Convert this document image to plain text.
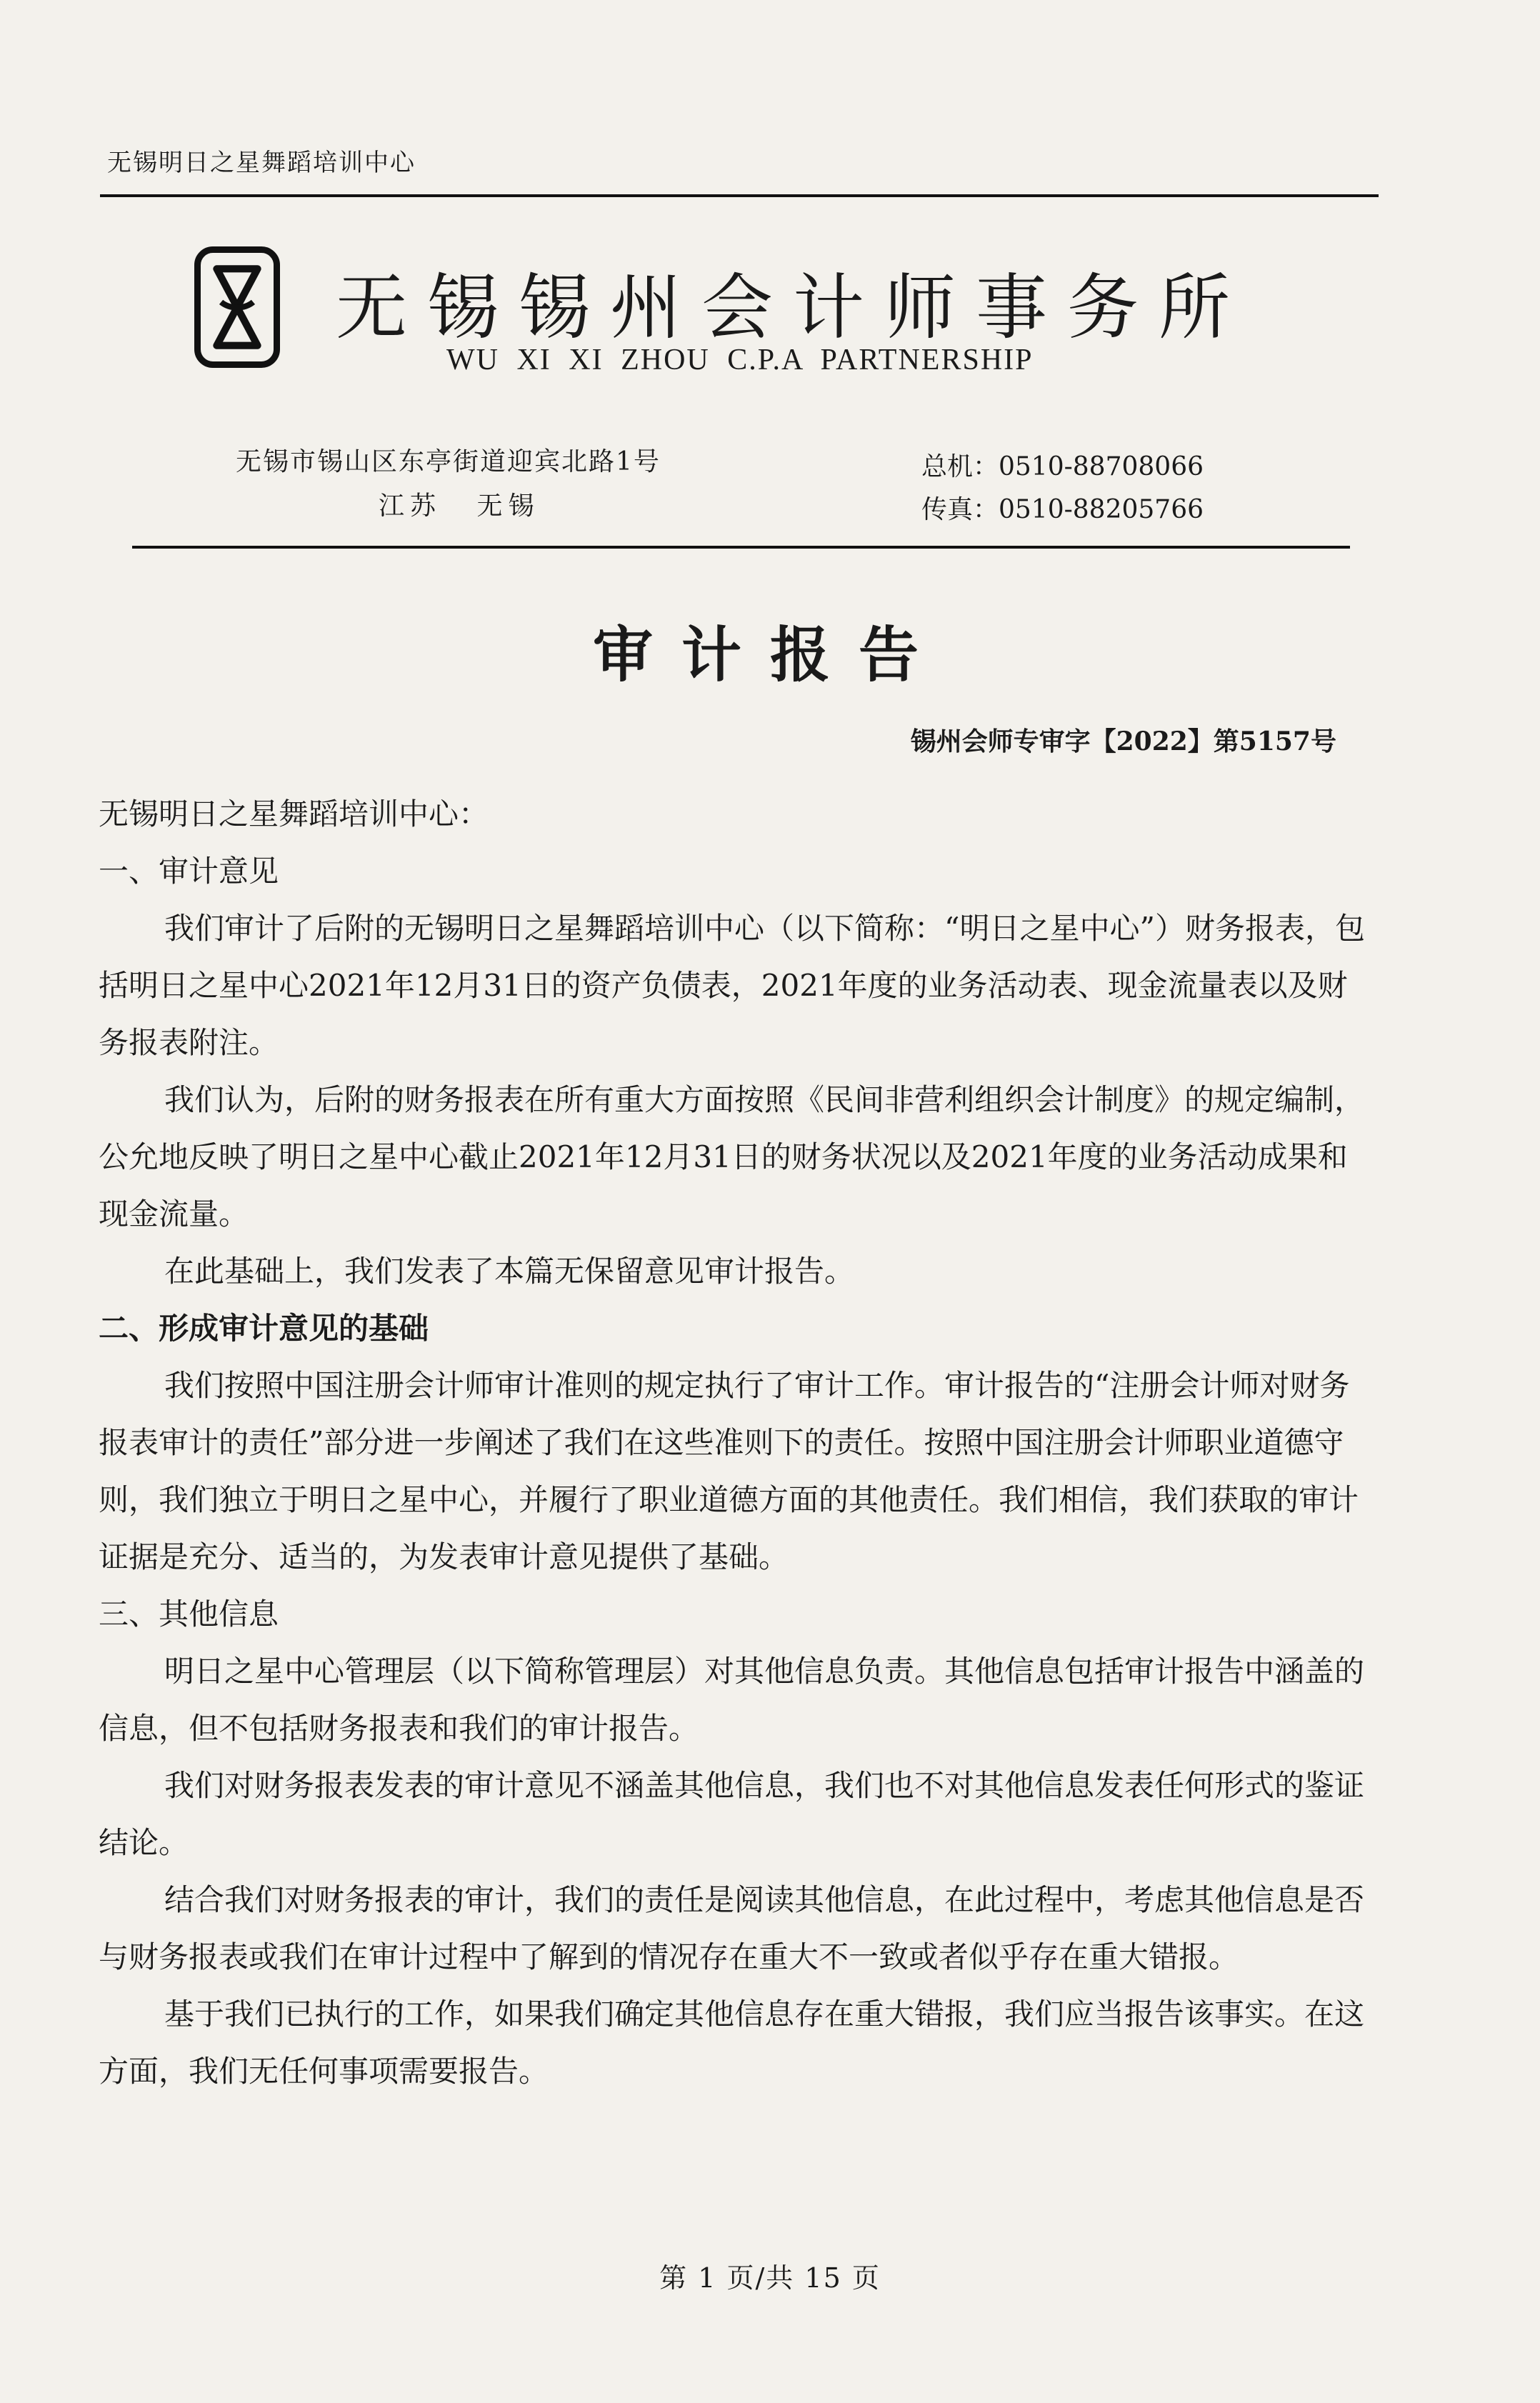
无锡明日之星舞蹈培训中心
无锡锡州会计师事务所
WU XI XI ZHOU C.P.A PARTNERSHIP
无锡市锡山区东亭街道迎宾北路1号
江苏 无锡
总机：0510-88708066
传真：0510-88205766
审计报告
锡州会师专审字【2022】第5157号

无锡明日之星舞蹈培训中心：

一、审计意见

我们审计了后附的无锡明日之星舞蹈培训中心（以下简称：“明日之星中心”）财务报表，包括明日之星中心2021年12月31日的资产负债表，2021年度的业务活动表、现金流量表以及财务报表附注。

我们认为，后附的财务报表在所有重大方面按照《民间非营利组织会计制度》的规定编制，公允地反映了明日之星中心截止2021年12月31日的财务状况以及2021年度的业务活动成果和现金流量。

在此基础上，我们发表了本篇无保留意见审计报告。

二、形成审计意见的基础

我们按照中国注册会计师审计准则的规定执行了审计工作。审计报告的“注册会计师对财务报表审计的责任”部分进一步阐述了我们在这些准则下的责任。按照中国注册会计师职业道德守则，我们独立于明日之星中心，并履行了职业道德方面的其他责任。我们相信，我们获取的审计证据是充分、适当的，为发表审计意见提供了基础。

三、其他信息

明日之星中心管理层（以下简称管理层）对其他信息负责。其他信息包括审计报告中涵盖的信息，但不包括财务报表和我们的审计报告。

我们对财务报表发表的审计意见不涵盖其他信息，我们也不对其他信息发表任何形式的鉴证结论。

结合我们对财务报表的审计，我们的责任是阅读其他信息，在此过程中，考虑其他信息是否与财务报表或我们在审计过程中了解到的情况存在重大不一致或者似乎存在重大错报。

基于我们已执行的工作，如果我们确定其他信息存在重大错报，我们应当报告该事实。在这方面，我们无任何事项需要报告。

第 1 页/共 15 页
